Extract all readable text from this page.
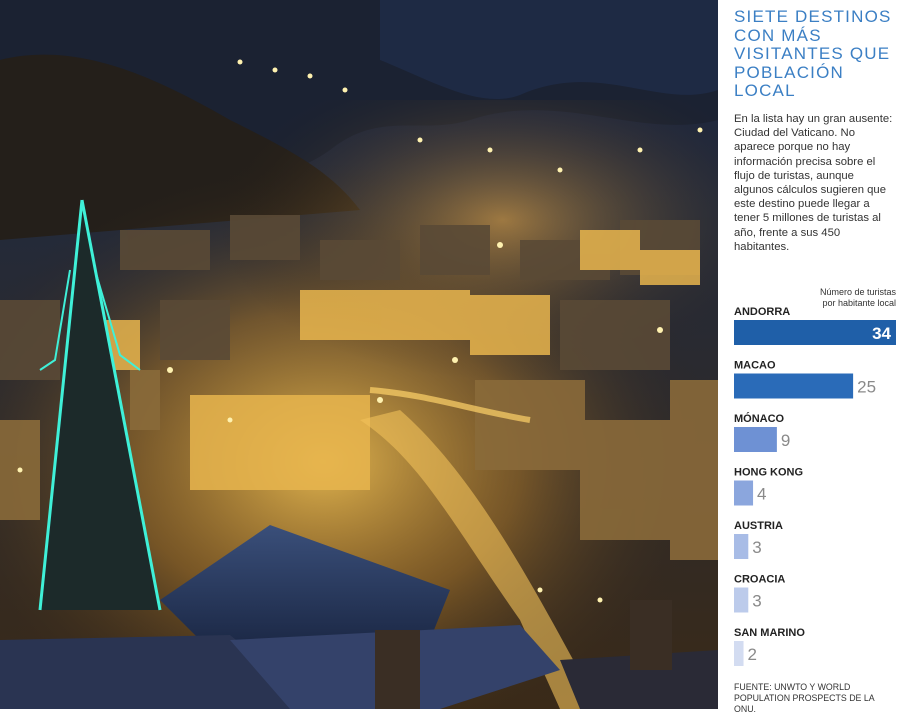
SIETE DESTINOS CON MÁS VISITANTES QUE POBLACIÓN LOCAL
En la lista hay un gran ausente: Ciudad del Vaticano. No aparece porque no hay información precisa sobre el flujo de turistas, aunque algunos cálculos sugieren que este destino puede llegar a tener 5 millones de turistas al año, frente a sus 450 habitantes.
Número de turistas por habitante local
ANDORRA
34
MACAO
25
MÓNACO
9
HONG KONG
4
AUSTRIA
3
CROACIA
3
SAN MARINO
2
FUENTE: UNWTO Y WORLD POPULATION PROSPECTS DE LA ONU.
